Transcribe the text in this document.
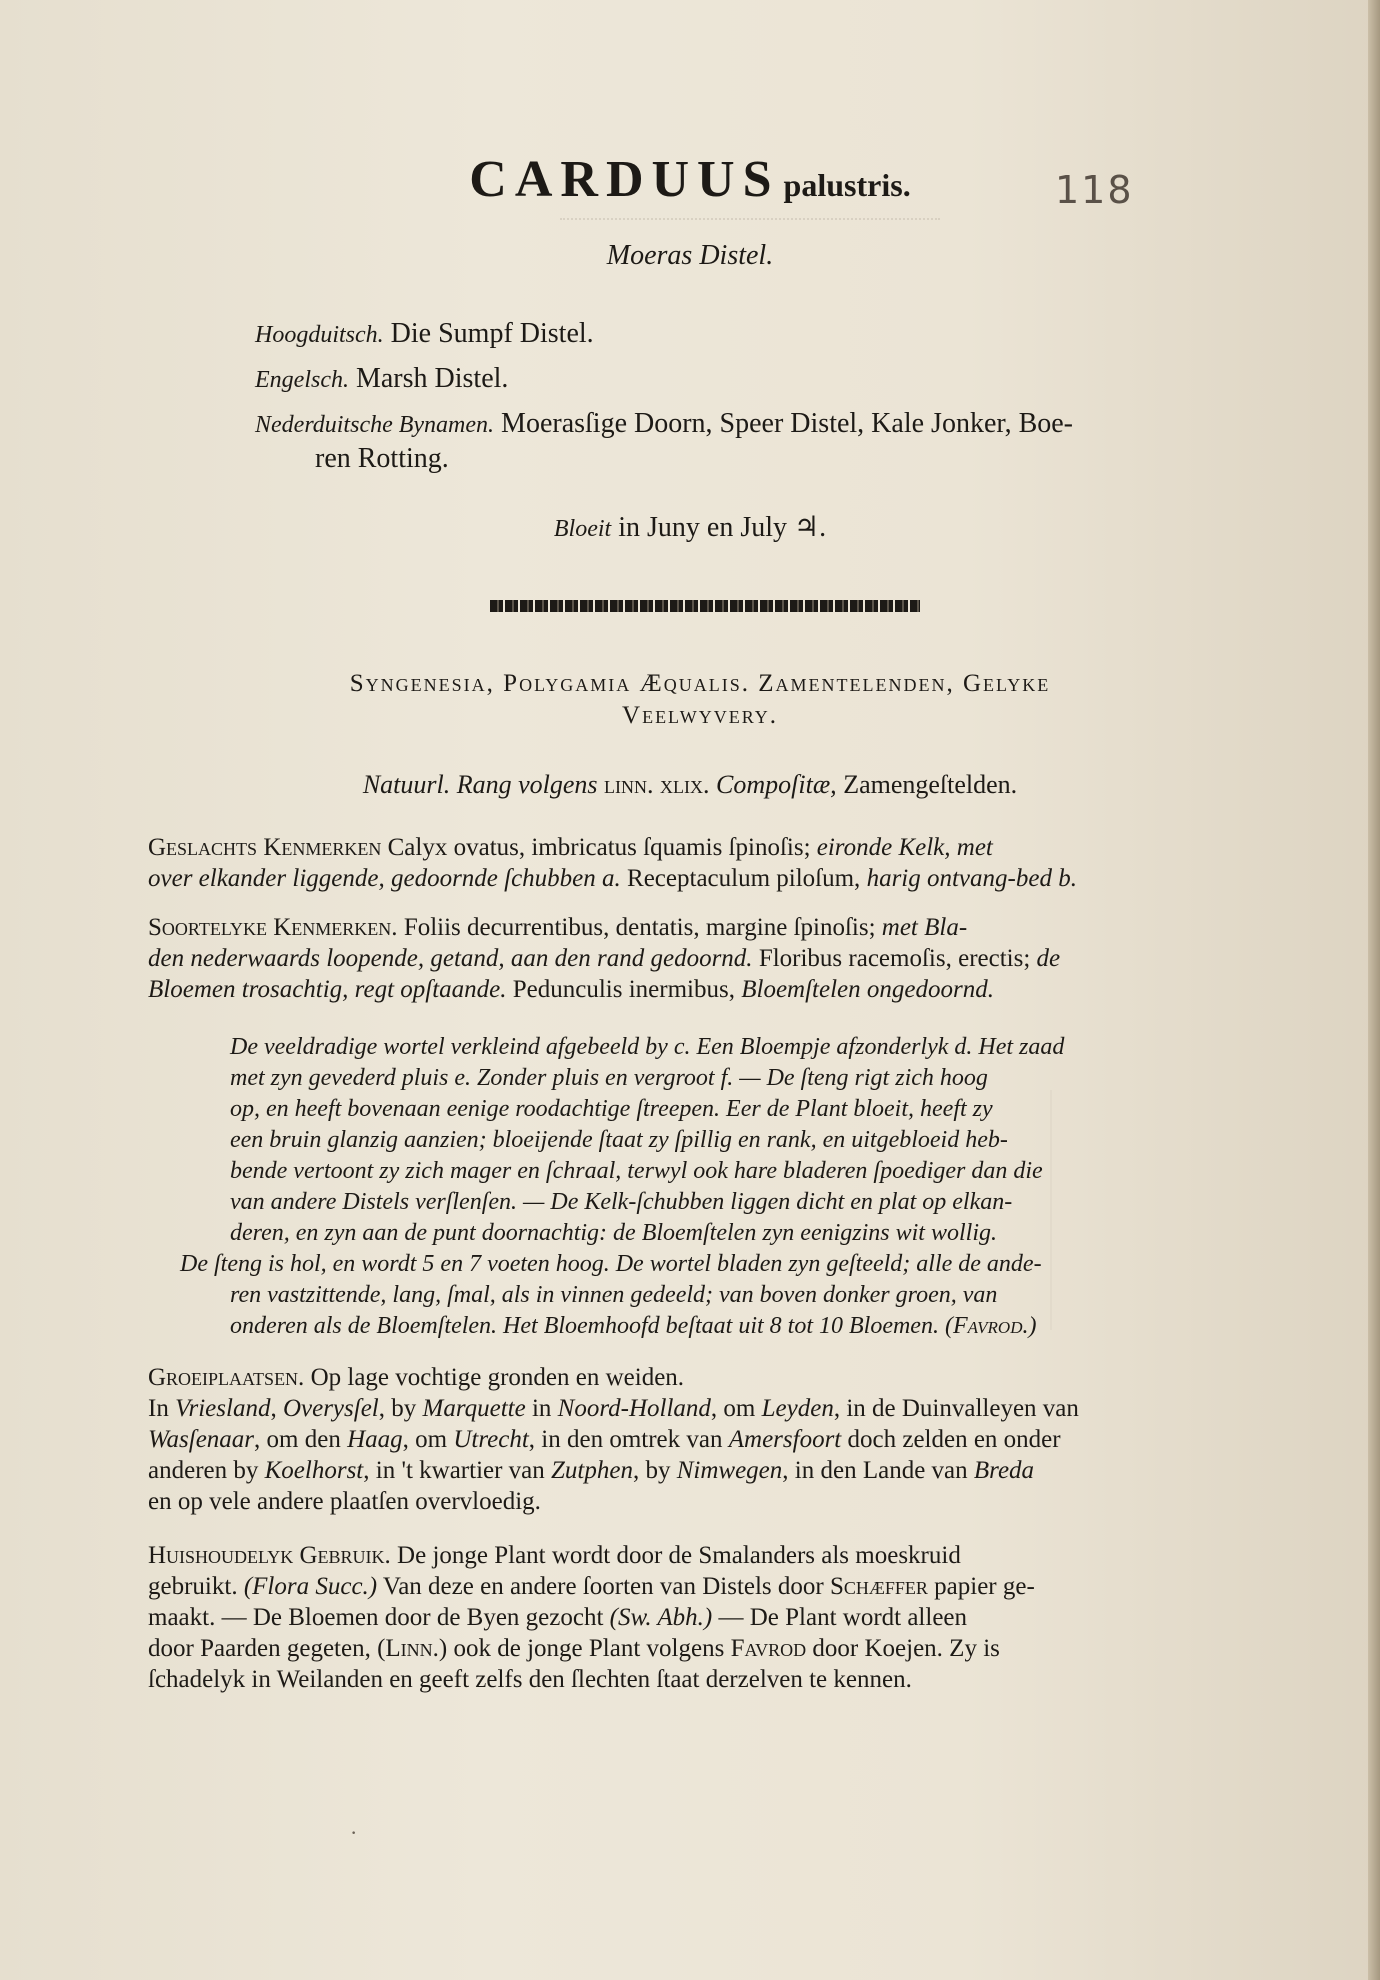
CARDUUS palustris.	118
Moeras Distel.
Hoogduitsch. Die Sumpf Distel.
Engelsch. Marsh Distel.
Nederduitsche Bynamen. Moerasſige Doorn, Speer Distel, Kale Jonker, Boe-
ren Rotting.
Bloeit in Juny en July ♃.
Syngenesia, Polygamia Æqualis. Zamentelenden, Gelyke
Veelwyvery.
Natuurl. Rang volgens linn. xlix. Compoſitæ, Zamengeſtelden.
Geslachts Kenmerken Calyx ovatus, imbricatus ſquamis ſpinoſis; eironde Kelk, met
over elkander liggende, gedoornde ſchubben a. Receptaculum piloſum, harig ontvang-bed b.
Soortelyke Kenmerken. Foliis decurrentibus, dentatis, margine ſpinoſis; met Bla-
den nederwaards loopende, getand, aan den rand gedoornd. Floribus racemoſis, erectis; de
Bloemen trosachtig, regt opſtaande. Pedunculis inermibus, Bloemſtelen ongedoornd.
De veeldradige wortel verkleind afgebeeld by c. Een Bloempje afzonderlyk d. Het zaad
met zyn gevederd pluis e. Zonder pluis en vergroot f. — De ſteng rigt zich hoog
op, en heeft bovenaan eenige roodachtige ſtreepen. Eer de Plant bloeit, heeft zy
een bruin glanzig aanzien; bloeijende ſtaat zy ſpillig en rank, en uitgebloeid heb-
bende vertoont zy zich mager en ſchraal, terwyl ook hare bladeren ſpoediger dan die
van andere Distels verſlenſen. — De Kelk-ſchubben liggen dicht en plat op elkan-
deren, en zyn aan de punt doornachtig: de Bloemſtelen zyn eenigzins wit wollig.
De ſteng is hol, en wordt 5 en 7 voeten hoog. De wortel bladen zyn geſteeld; alle de ande-
ren vastzittende, lang, ſmal, als in vinnen gedeeld; van boven donker groen, van
onderen als de Bloemſtelen. Het Bloemhoofd beſtaat uit 8 tot 10 Bloemen. (Favrod.)
Groeiplaatsen. Op lage vochtige gronden en weiden.
In Vriesland, Overysſel, by Marquette in Noord-Holland, om Leyden, in de Duinvalleyen van
Wasſenaar, om den Haag, om Utrecht, in den omtrek van Amersfoort doch zelden en onder
anderen by Koelhorst, in 't kwartier van Zutphen, by Nimwegen, in den Lande van Breda
en op vele andere plaatſen overvloedig.
Huishoudelyk Gebruik. De jonge Plant wordt door de Smalanders als moeskruid
gebruikt. (Flora Succ.) Van deze en andere ſoorten van Distels door Schæffer papier ge-
maakt. — De Bloemen door de Byen gezocht (Sw. Abh.) — De Plant wordt alleen
door Paarden gegeten, (Linn.) ook de jonge Plant volgens Favrod door Koejen. Zy is
ſchadelyk in Weilanden en geeft zelfs den ſlechten ſtaat derzelven te kennen.
·
